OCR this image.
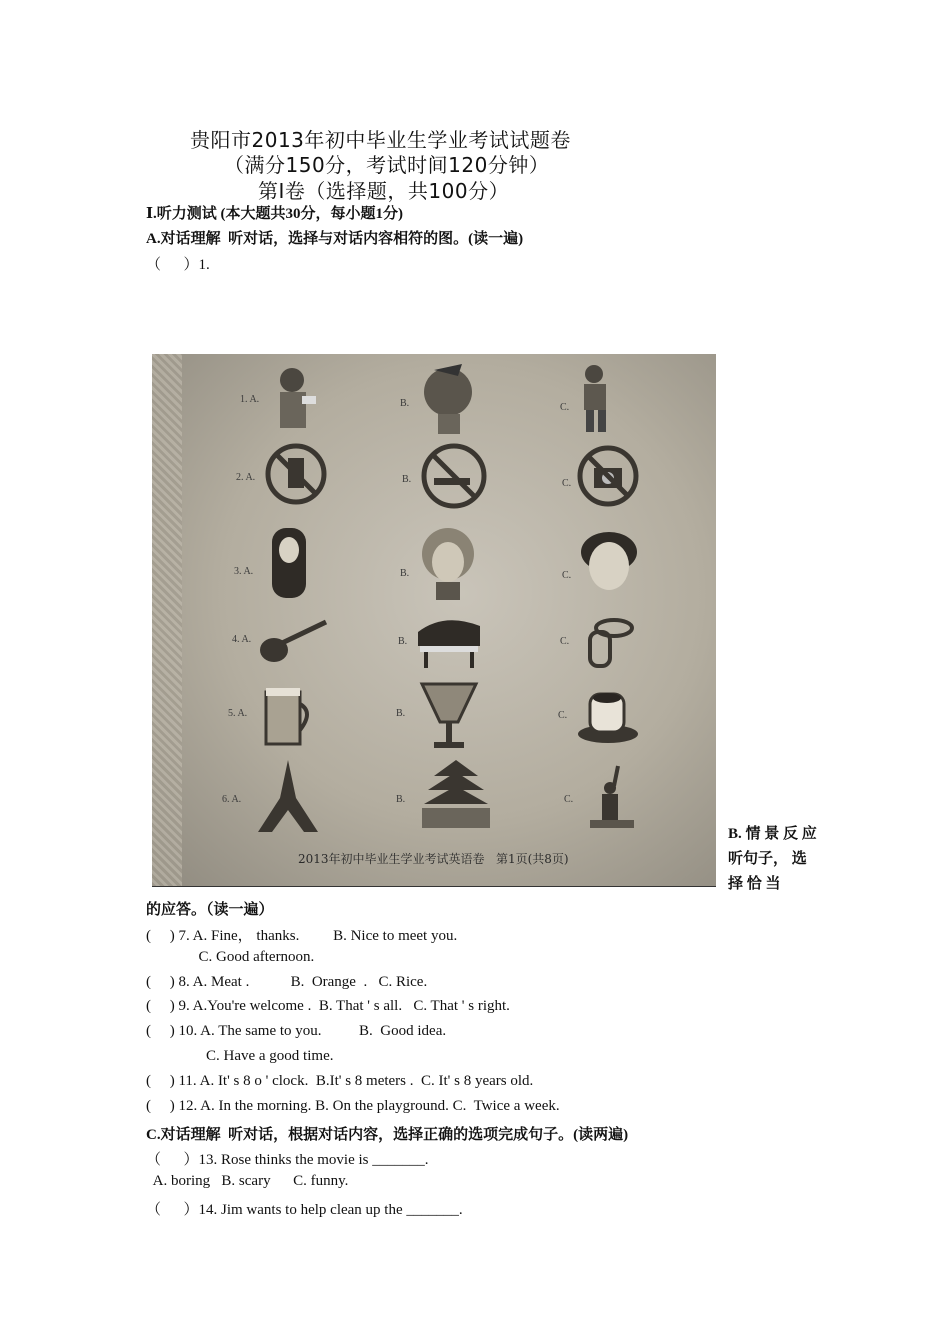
贵阳市2013年初中毕业生学业考试试题卷
（满分150分，考试时间120分钟）
第Ⅰ卷（选择题，共100分）
Ⅰ.听力测试 (本大题共30分，每小题1分)
A.对话理解  听对话，选择与对话内容相符的图。(读一遍)
（      ）1.
1. A.	B.	C.
2. A.	B.	C.
3. A.	B.	C.
4. A.	B.	C.
5. A.	B.	C.
6. A.	B.	C.
2013年初中毕业生学业考试英语卷   第1页(共8页)
B. 情 景 反 应 听句子， 选 择 恰 当
的应答。（读一遍）
(     ) 7. A. Fine， thanks.         B. Nice to meet you.
C. Good afternoon.
(     ) 8. A. Meat .           B.  Orange  .   C. Rice.
(     ) 9. A.You're welcome .  B. That ' s all.   C. That ' s right.
(     ) 10. A. The same to you.          B.  Good idea.
C. Have a good time.
(     ) 11. A. It' s 8 o ' clock.  B.It' s 8 meters .  C. It' s 8 years old.
(     ) 12. A. In the morning. B. On the playground. C.  Twice a week.
C.对话理解  听对话，根据对话内容，选择正确的选项完成句子。(读两遍)
（      ）13. Rose thinks the movie is _______.
A. boring   B. scary      C. funny.
（      ）14. Jim wants to help clean up the _______.
